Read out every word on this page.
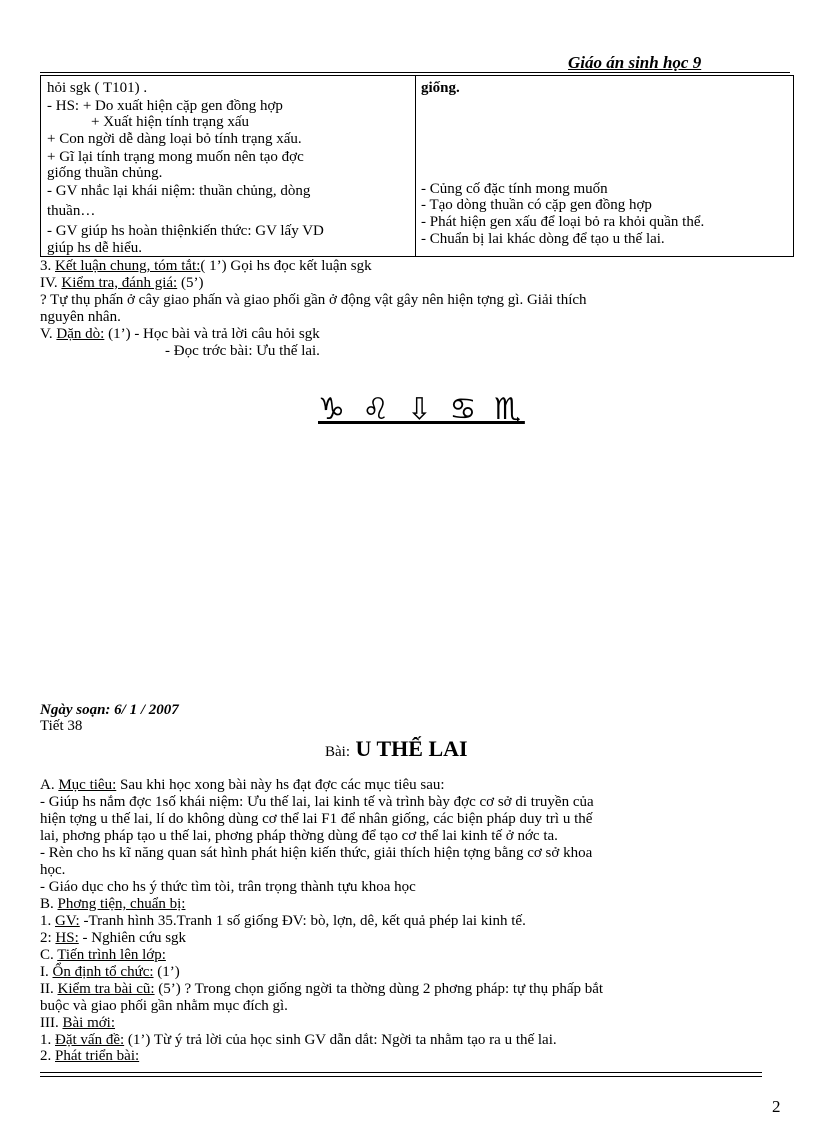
Giáo án sinh học 9
hỏi sgk ( T101) .
- HS: + Do xuất hiện cặp gen đồng hợp
+ Xuất hiện tính trạng xấu
+ Con ngời dễ dàng loại bỏ tính trạng xấu.
+ Gĩ lại tính trạng mong muốn nên tạo đợc
giống thuần chủng.
- GV nhắc lại khái niệm: thuần chủng, dòng
thuần…
- GV giúp hs hoàn thiệnkiến thức: GV lấy VD
giúp hs dễ hiểu.
giống.
- Củng cố đặc tính mong muốn
- Tạo dòng thuần có cặp gen đồng hợp
- Phát hiện gen xấu để loại bỏ ra khỏi quần thể.
- Chuẩn bị lai khác dòng để tạo u thế lai.
3. Kết luận chung, tóm tắt:( 1’) Gọi hs đọc kết luận sgk
IV. Kiểm tra, đánh giá: (5’)
? Tự thụ phấn ở cây giao phấn và giao phối gần ở động vật gây nên hiện tợng gì. Giải thích
nguyên nhân.
V. Dặn dò: (1’) - Học bài và trả lời câu hỏi sgk
- Đọc trớc bài: Ưu thế lai.
♑ ♌ ⇩ ♋ ♏
Ngày soạn: 6/ 1 / 2007
Tiết 38
Bài: U THẾ LAI
A. Mục tiêu: Sau khi học xong bài này hs đạt đợc các mục tiêu sau:
- Giúp hs nắm đợc 1số khái niệm: Ưu thế lai, lai kinh tế và trình bày đợc cơ sở di truyền của
hiện tợng u thế lai, lí do không dùng cơ thể lai F1 để nhân giống, các biện pháp duy trì u thế
lai, phơng pháp tạo u thế lai, phơng pháp thờng dùng để tạo cơ thể lai kinh tế ở nớc ta.
- Rèn cho hs kĩ năng quan sát hình phát hiện kiến thức, giải thích hiện tợng bằng cơ sở khoa
học.
- Giáo dục cho hs ý thức tìm tòi, trân trọng thành tựu khoa học
B. Phơng tiện, chuẩn bị:
1. GV: -Tranh hình 35.Tranh 1 số giống ĐV: bò, lợn, dê, kết quả phép lai kinh tế.
2: HS: - Nghiên cứu sgk
C. Tiến trình lên lớp:
I. Ổn định tổ chức: (1’)
II. Kiểm tra bài cũ: (5’) ? Trong chọn giống ngời ta thờng dùng 2 phơng pháp: tự thụ phấp bắt
buộc và giao phối gần nhằm mục đích gì.
III. Bài mới:
1. Đặt vấn đề: (1’) Từ ý trả lời của học sinh GV dẫn dắt: Ngời ta nhằm tạo ra u thế lai.
2. Phát triển bài:
2
